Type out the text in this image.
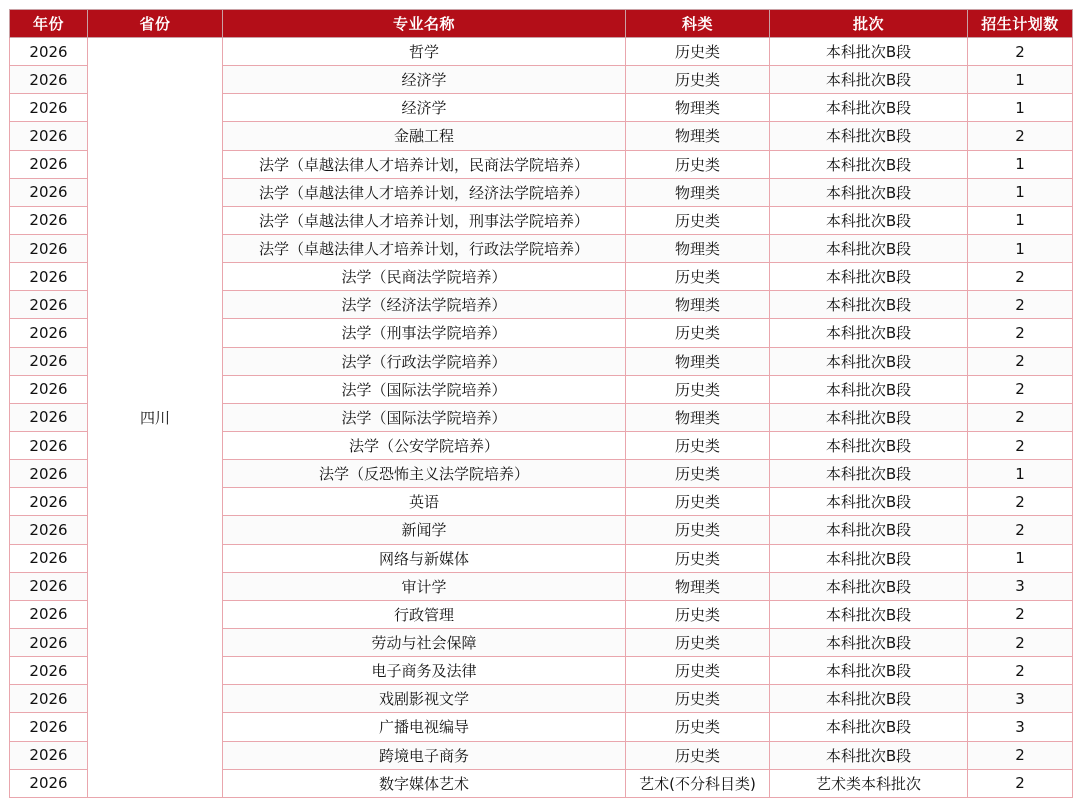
年份	省份	专业名称	科类	批次	招生计划数
2026	四川	哲学	历史类	本科批次B段	2
2026		经济学	历史类	本科批次B段	1
2026		经济学	物理类	本科批次B段	1
2026		金融工程	物理类	本科批次B段	2
2026		法学（卓越法律人才培养计划，民商法学院培养）	历史类	本科批次B段	1
2026		法学（卓越法律人才培养计划，经济法学院培养）	物理类	本科批次B段	1
2026		法学（卓越法律人才培养计划，刑事法学院培养）	历史类	本科批次B段	1
2026		法学（卓越法律人才培养计划，行政法学院培养）	物理类	本科批次B段	1
2026		法学（民商法学院培养）	历史类	本科批次B段	2
2026		法学（经济法学院培养）	物理类	本科批次B段	2
2026		法学（刑事法学院培养）	历史类	本科批次B段	2
2026		法学（行政法学院培养）	物理类	本科批次B段	2
2026		法学（国际法学院培养）	历史类	本科批次B段	2
2026		法学（国际法学院培养）	物理类	本科批次B段	2
2026		法学（公安学院培养）	历史类	本科批次B段	2
2026		法学（反恐怖主义法学院培养）	历史类	本科批次B段	1
2026		英语	历史类	本科批次B段	2
2026		新闻学	历史类	本科批次B段	2
2026		网络与新媒体	历史类	本科批次B段	1
2026		审计学	物理类	本科批次B段	3
2026		行政管理	历史类	本科批次B段	2
2026		劳动与社会保障	历史类	本科批次B段	2
2026		电子商务及法律	历史类	本科批次B段	2
2026		戏剧影视文学	历史类	本科批次B段	3
2026		广播电视编导	历史类	本科批次B段	3
2026		跨境电子商务	历史类	本科批次B段	2
2026		数字媒体艺术	艺术(不分科目类)	艺术类本科批次	2
